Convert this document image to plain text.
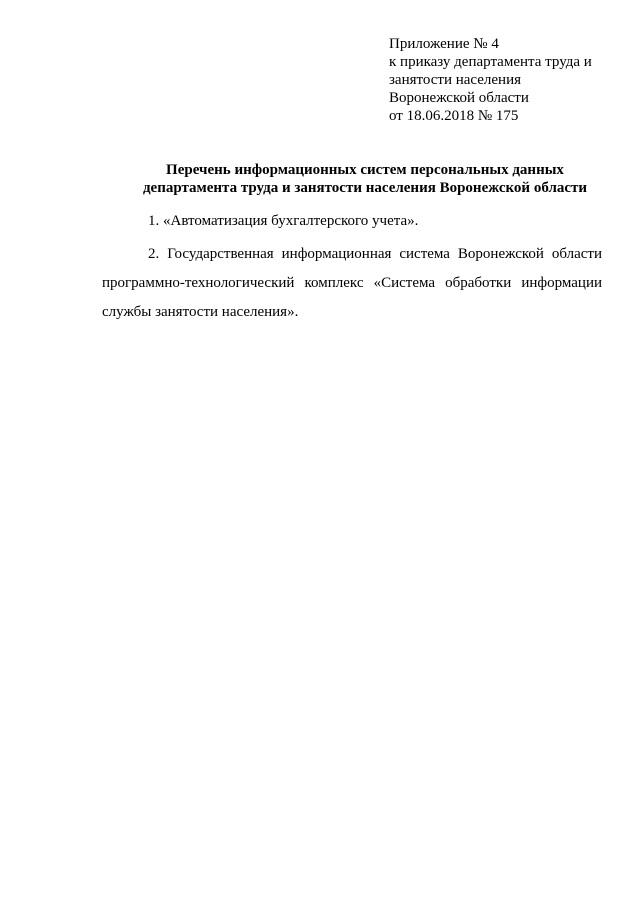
Приложение № 4
к приказу департамента труда и
занятости населения
Воронежской области
от 18.06.2018 № 175
Перечень информационных систем персональных данных
департамента труда и занятости населения Воронежской области
1. «Автоматизация бухгалтерского учета».
2. Государственная информационная система Воронежской области
программно-технологический комплекс «Система обработки информации
службы занятости населения».
